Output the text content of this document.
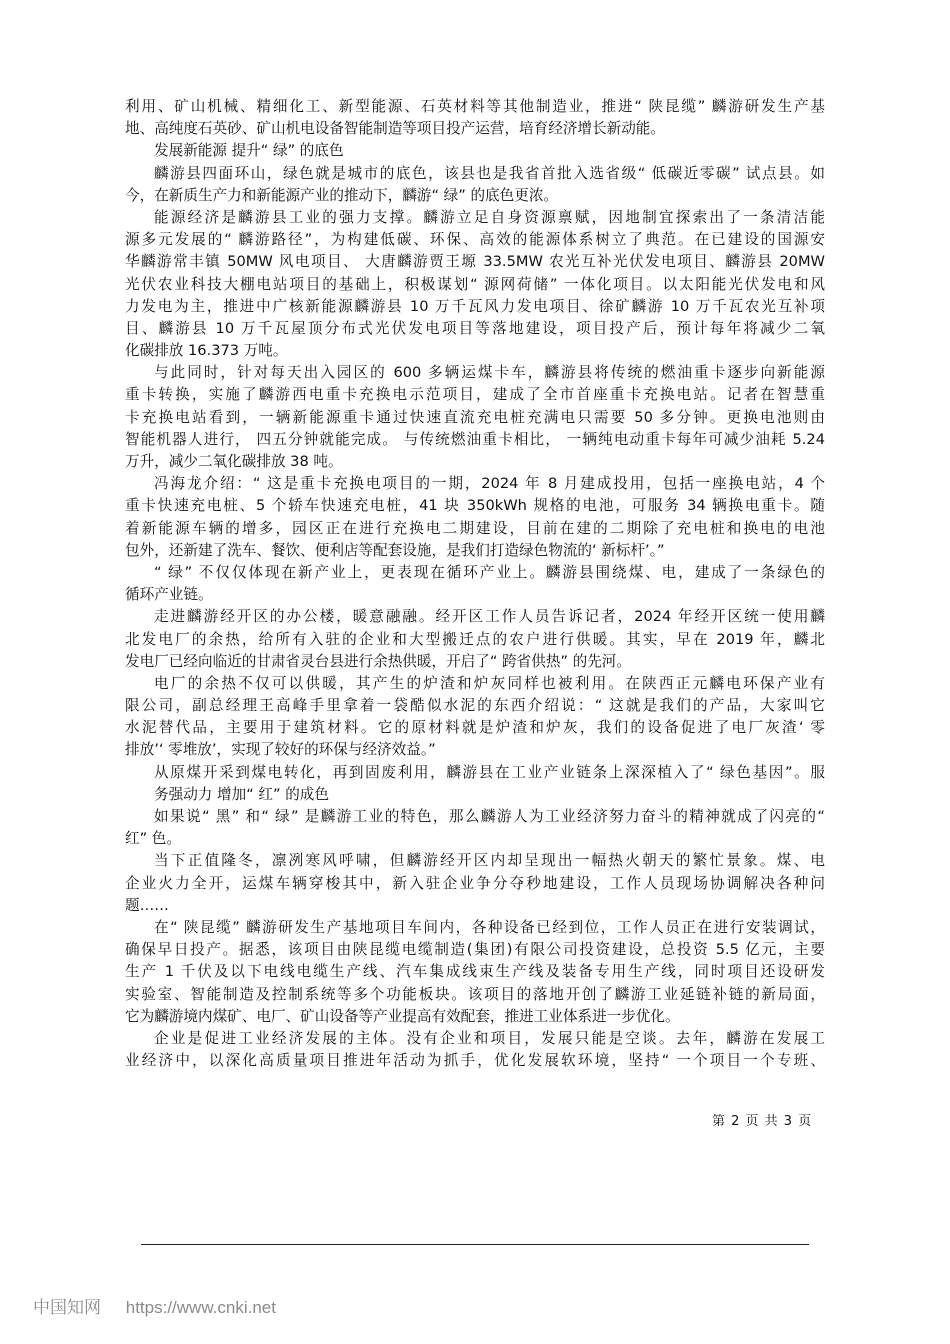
利用、矿山机械、精细化工、新型能源、石英材料等其他制造业，推进“ 陕昆缆” 麟游研发生产基
地、高纯度石英砂、矿山机电设备智能制造等项目投产运营，培育经济增长新动能。
发展新能源 提升“ 绿” 的底色
麟游县四面环山，绿色就是城市的底色，该县也是我省首批入选省级“ 低碳近零碳” 试点县。如
今，在新质生产力和新能源产业的推动下，麟游“ 绿” 的底色更浓。
能源经济是麟游县工业的强力支撑。麟游立足自身资源禀赋，因地制宜探索出了一条清洁能
源多元发展的“ 麟游路径”，为构建低碳、环保、高效的能源体系树立了典范。在已建设的国源安
华麟游常丰镇 50MW 风电项目、 大唐麟游贾王塬 33.5MW 农光互补光伏发电项目、麟游县 20MW
光伏农业科技大棚电站项目的基础上，积极谋划“ 源网荷储” 一体化项目。以太阳能光伏发电和风
力发电为主，推进中广核新能源麟游县 10 万千瓦风力发电项目、徐矿麟游 10 万千瓦农光互补项
目、麟游县 10 万千瓦屋顶分布式光伏发电项目等落地建设，项目投产后，预计每年将减少二氧
化碳排放 16.373 万吨。
与此同时，针对每天出入园区的 600 多辆运煤卡车，麟游县将传统的燃油重卡逐步向新能源
重卡转换，实施了麟游西电重卡充换电示范项目，建成了全市首座重卡充换电站。记者在智慧重
卡充换电站看到，一辆新能源重卡通过快速直流充电桩充满电只需要 50 多分钟。更换电池则由
智能机器人进行， 四五分钟就能完成。 与传统燃油重卡相比， 一辆纯电动重卡每年可减少油耗 5.24
万升，减少二氧化碳排放 38 吨。
冯海龙介绍：“ 这是重卡充换电项目的一期，2024 年 8 月建成投用，包括一座换电站，4 个
重卡快速充电桩、5 个轿车快速充电桩，41 块 350kWh 规格的电池，可服务 34 辆换电重卡。随
着新能源车辆的增多，园区正在进行充换电二期建设，目前在建的二期除了充电桩和换电的电池
包外，还新建了洗车、餐饮、便利店等配套设施，是我们打造绿色物流的‘ 新标杆’。”
“ 绿” 不仅仅体现在新产业上，更表现在循环产业上。麟游县围绕煤、电，建成了一条绿色的
循环产业链。
走进麟游经开区的办公楼，暖意融融。经开区工作人员告诉记者，2024 年经开区统一使用麟
北发电厂的余热，给所有入驻的企业和大型搬迁点的农户进行供暖。其实，早在 2019 年，麟北
发电厂已经向临近的甘肃省灵台县进行余热供暖，开启了“ 跨省供热” 的先河。
电厂的余热不仅可以供暖，其产生的炉渣和炉灰同样也被利用。在陕西正元麟电环保产业有
限公司，副总经理王高峰手里拿着一袋酷似水泥的东西介绍说：“ 这就是我们的产品，大家叫它
水泥替代品，主要用于建筑材料。它的原材料就是炉渣和炉灰，我们的设备促进了电厂灰渣‘ 零
排放’‘ 零堆放’，实现了较好的环保与经济效益。”
从原煤开采到煤电转化，再到固废利用，麟游县在工业产业链条上深深植入了“ 绿色基因”。服
务强动力 增加“ 红” 的成色
如果说“ 黑” 和“ 绿” 是麟游工业的特色，那么麟游人为工业经济努力奋斗的精神就成了闪亮的“
红” 色。
当下正值隆冬，凛冽寒风呼啸，但麟游经开区内却呈现出一幅热火朝天的繁忙景象。煤、电
企业火力全开，运煤车辆穿梭其中，新入驻企业争分夺秒地建设，工作人员现场协调解决各种问
题……
在“ 陕昆缆” 麟游研发生产基地项目车间内，各种设备已经到位，工作人员正在进行安装调试，
确保早日投产。据悉，该项目由陕昆缆电缆制造(集团)有限公司投资建设，总投资 5.5 亿元，主要
生产 1 千伏及以下电线电缆生产线、汽车集成线束生产线及装备专用生产线，同时项目还设研发
实验室、智能制造及控制系统等多个功能板块。该项目的落地开创了麟游工业延链补链的新局面，
它为麟游境内煤矿、电厂、矿山设备等产业提高有效配套，推进工业体系进一步优化。
企业是促进工业经济发展的主体。没有企业和项目，发展只能是空谈。去年，麟游在发展工
业经济中，以深化高质量项目推进年活动为抓手，优化发展软环境，坚持“ 一个项目一个专班、
第 2 页 共 3 页
中国知网 https://www.cnki.net
